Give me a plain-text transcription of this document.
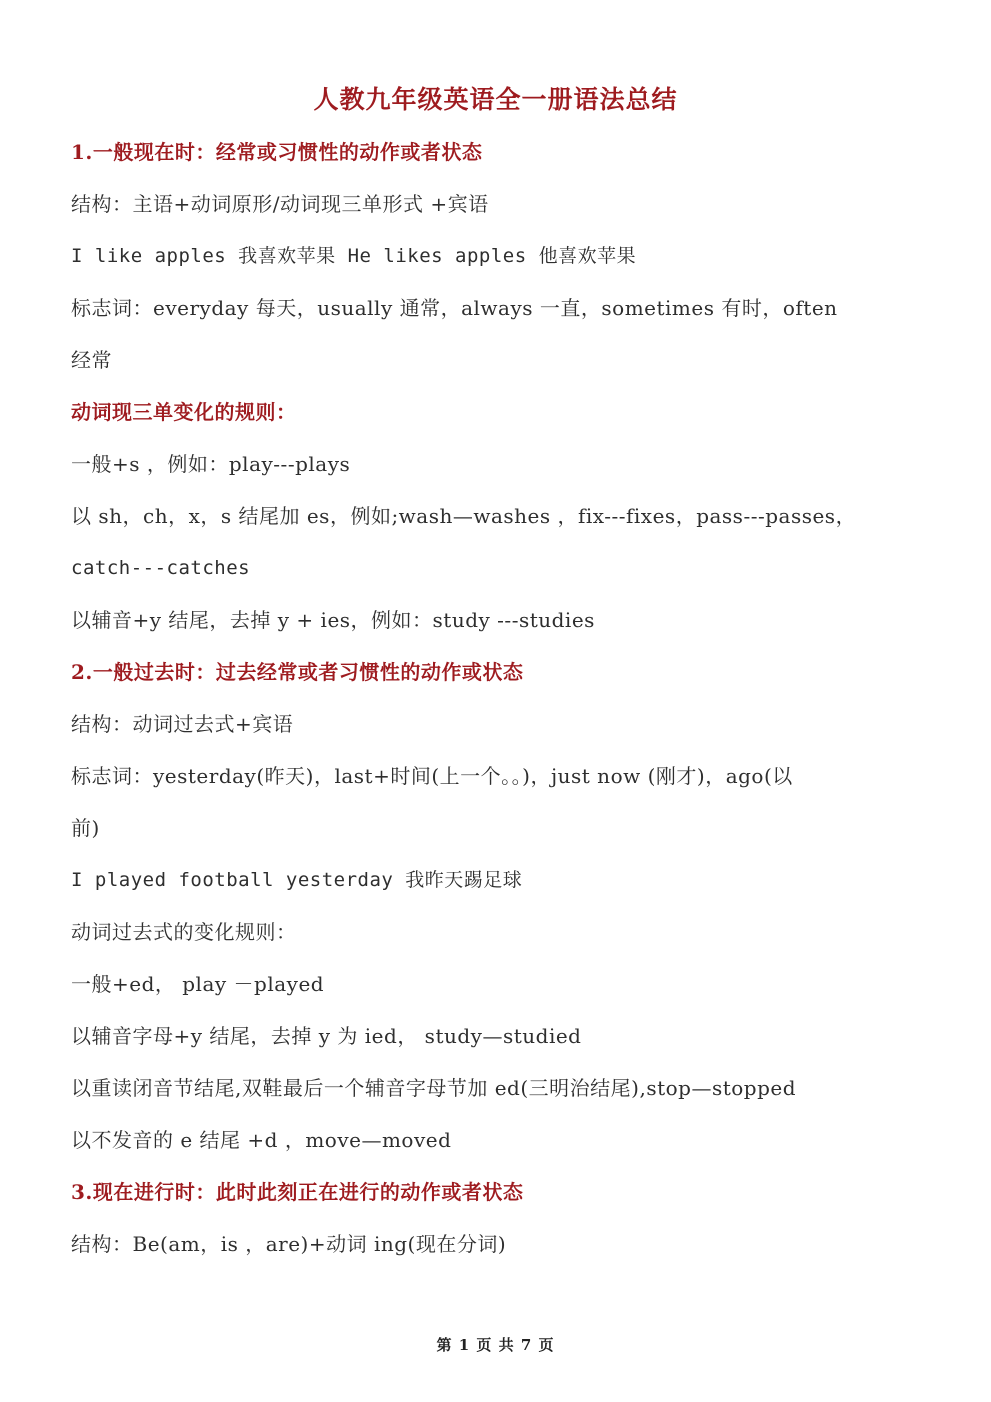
人教九年级英语全一册语法总结
1.一般现在时：经常或习惯性的动作或者状态
结构：主语+动词原形/动词现三单形式 +宾语
I like apples 我喜欢苹果 He likes apples 他喜欢苹果
标志词：everyday 每天，usually 通常，always 一直，sometimes 有时，often
经常
动词现三单变化的规则：
一般+s ，例如：play---plays
以 sh，ch，x，s 结尾加 es，例如;wash—washes ，fix---fixes，pass---passes，
catch---catches
以辅音+y 结尾，去掉 y + ies，例如：study ---studies
2.一般过去时：过去经常或者习惯性的动作或状态
结构：动词过去式+宾语
标志词：yesterday(昨天)，last+时间(上一个。。)，just now (刚才)，ago(以
前)
I played football yesterday 我昨天踢足球
动词过去式的变化规则：
一般+ed， play －played
以辅音字母+y 结尾，去掉 y 为 ied， study—studied
以重读闭音节结尾,双鞋最后一个辅音字母节加 ed(三明治结尾),stop—stopped
以不发音的 e 结尾 +d ，move—moved
3.现在进行时：此时此刻正在进行的动作或者状态
结构：Be(am，is ，are)+动词 ing(现在分词)
第 1 页 共 7 页
